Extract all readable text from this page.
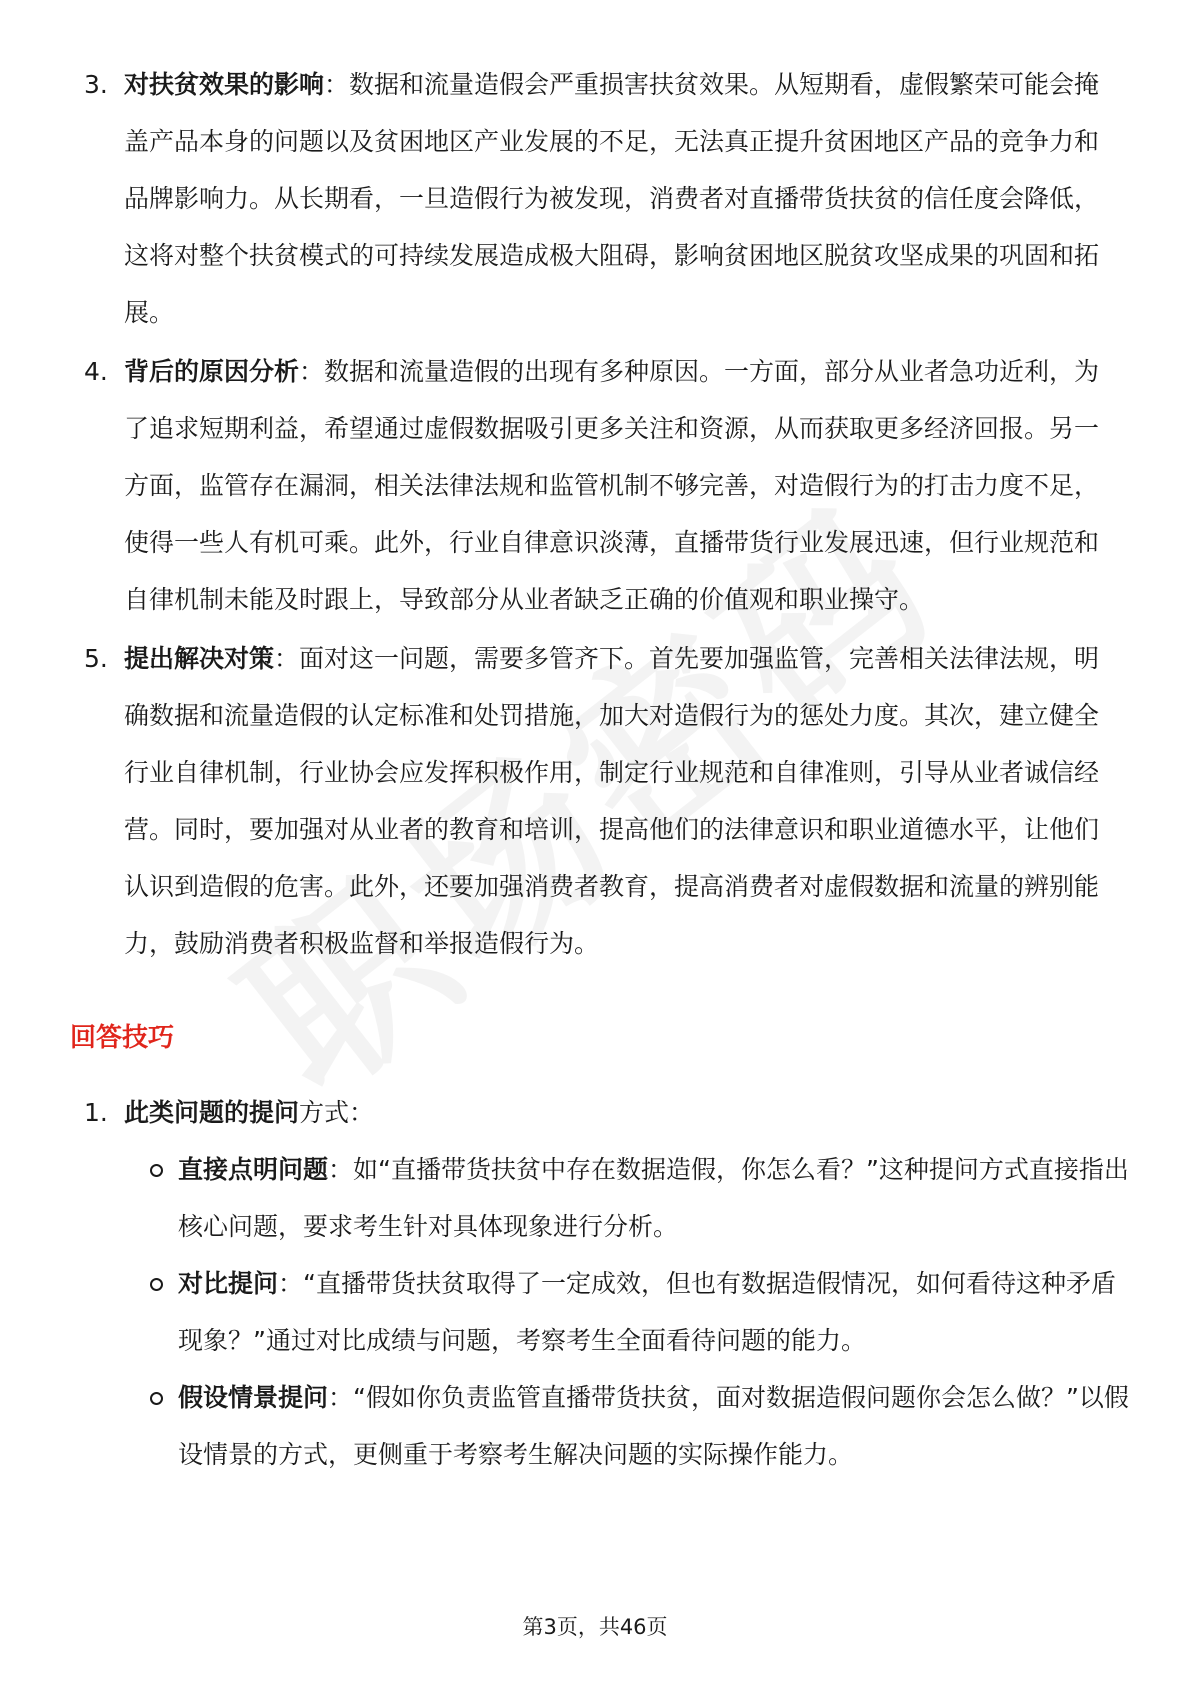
3. 对扶贫效果的影响：数据和流量造假会严重损害扶贫效果。从短期看，虚假繁荣可能会掩盖产品本身的问题以及贫困地区产业发展的不足，无法真正提升贫困地区产品的竞争力和品牌影响力。从长期看，一旦造假行为被发现，消费者对直播带货扶贫的信任度会降低，这将对整个扶贫模式的可持续发展造成极大阻碍，影响贫困地区脱贫攻坚成果的巩固和拓展。
4. 背后的原因分析：数据和流量造假的出现有多种原因。一方面，部分从业者急功近利，为了追求短期利益，希望通过虚假数据吸引更多关注和资源，从而获取更多经济回报。另一方面，监管存在漏洞，相关法律法规和监管机制不够完善，对造假行为的打击力度不足，使得一些人有机可乘。此外，行业自律意识淡薄，直播带货行业发展迅速，但行业规范和自律机制未能及时跟上，导致部分从业者缺乏正确的价值观和职业操守。
5. 提出解决对策：面对这一问题，需要多管齐下。首先要加强监管，完善相关法律法规，明确数据和流量造假的认定标准和处罚措施，加大对造假行为的惩处力度。其次，建立健全行业自律机制，行业协会应发挥积极作用，制定行业规范和自律准则，引导从业者诚信经营。同时，要加强对从业者的教育和培训，提高他们的法律意识和职业道德水平，让他们认识到造假的危害。此外，还要加强消费者教育，提高消费者对虚假数据和流量的辨别能力，鼓励消费者积极监督和举报造假行为。
回答技巧
1. 此类问题的提问方式：
直接点明问题：如“直播带货扶贫中存在数据造假，你怎么看？”这种提问方式直接指出核心问题，要求考生针对具体现象进行分析。
对比提问：“直播带货扶贫取得了一定成效，但也有数据造假情况，如何看待这种矛盾现象？”通过对比成绩与问题，考察考生全面看待问题的能力。
假设情景提问：“假如你负责监管直播带货扶贫，面对数据造假问题你会怎么做？”以假设情景的方式，更侧重于考察考生解决问题的实际操作能力。
第3页，共46页
